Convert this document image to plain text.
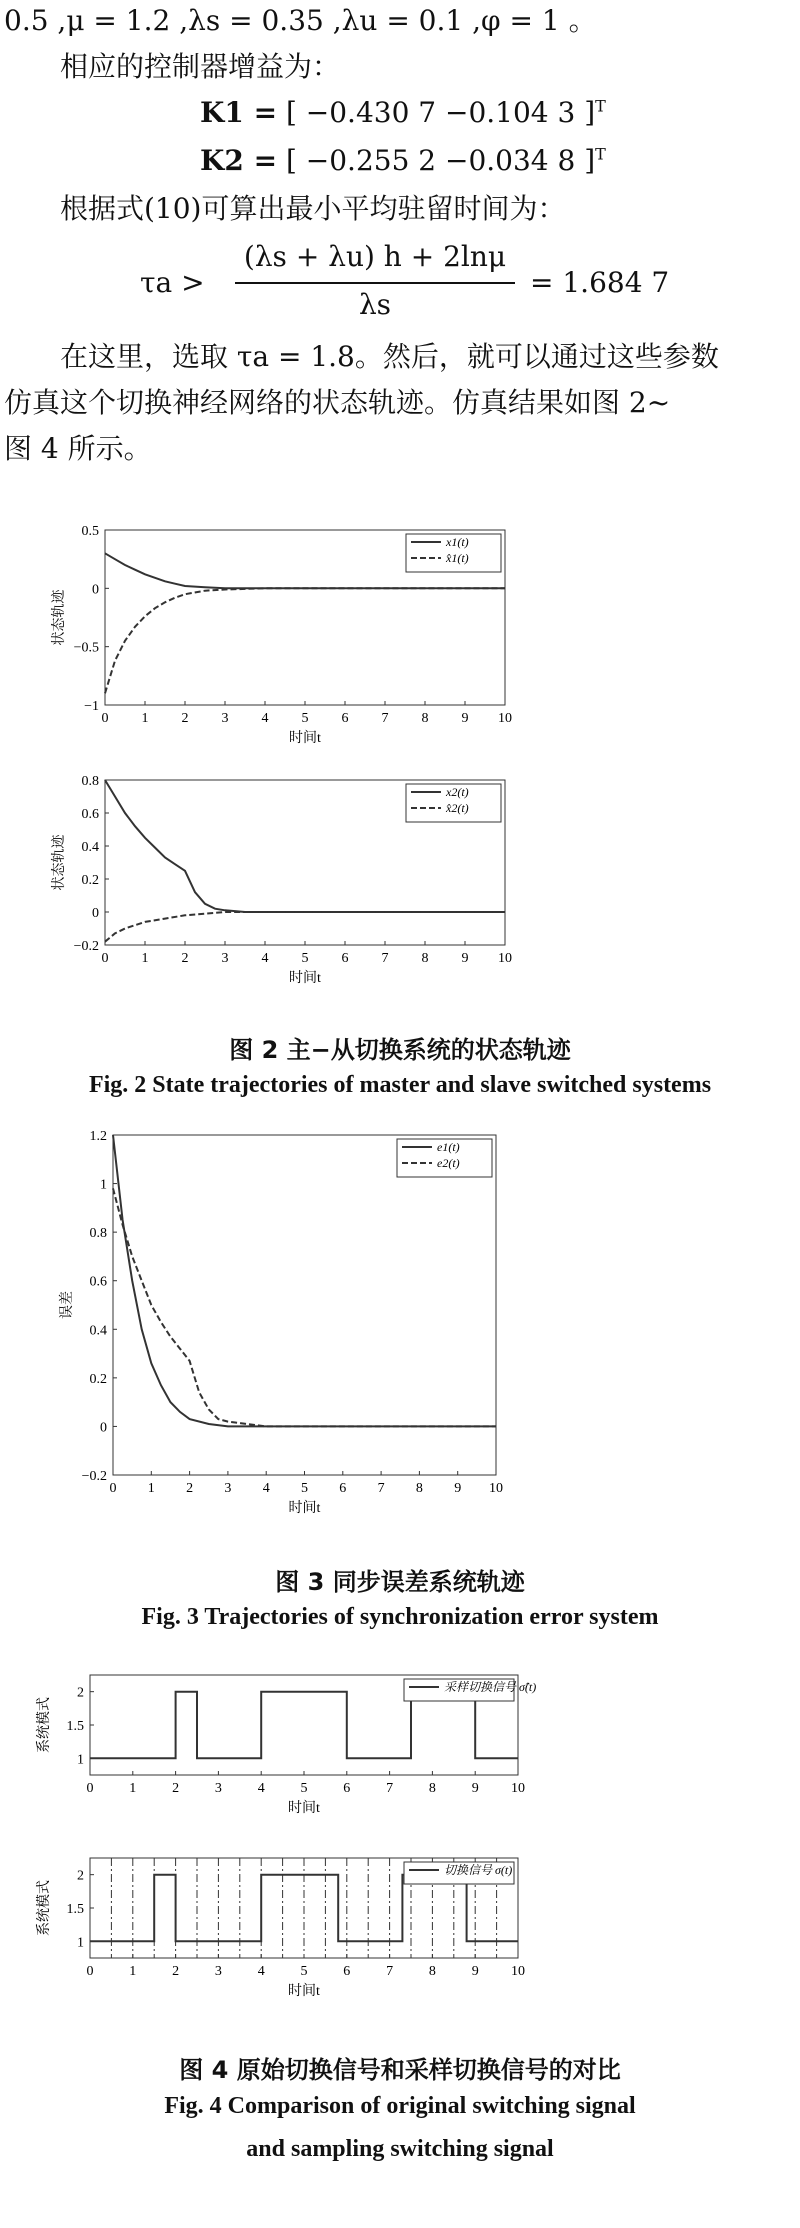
0.5 ,μ = 1.2 ,λs = 0.35 ,λu = 0.1 ,φ = 1 。
相应的控制器增益为：
K1 = [ −0.430 7 −0.104 3 ]$^T$
K2 = [ −0.255 2 −0.034 8 ]$^T$
根据式(10)可算出最小平均驻留时间为：
τa >
(λs + λu) h + 2lnμ
λs
= 1.684 7
在这里，选取 τa = 1.8。然后，就可以通过这些参数
仿真这个切换神经网络的状态轨迹。仿真结果如图 2~
图 4 所示。
0 1 2 3 4 5 6 7 8 9 10
−1
−0.5
0
0.5
时间t
状态轨迹
x1(t)
x̂1(t)
0 1 2 3 4 5 6 7 8 9 10
−0.2
0
0.2
0.4
0.6
0.8
时间t
状态轨迹
x2(t)
x̂2(t)
图 2 主−从切换系统的状态轨迹
Fig. 2 State trajectories of master and slave switched systems
0 1 2 3 4 5 6 7 8 9 10
−0.2
0
0.2
0.4
0.6
0.8
1
1.2
时间t
误差
e1(t)
e2(t)
图 3 同步误差系统轨迹
Fig. 3 Trajectories of synchronization error system
0	1	2	3	4	5	6	7	8	9 10
1
1.5
2
时间t
系统模式
采样切换信号 σ̂(t)
0	1	2	3	4	5	6	7	8	9 10
1
1.5
2
时间t
系统模式
切换信号 σ(t)
图 4 原始切换信号和采样切换信号的对比
Fig. 4 Comparison of original switching signal
and sampling switching signal
